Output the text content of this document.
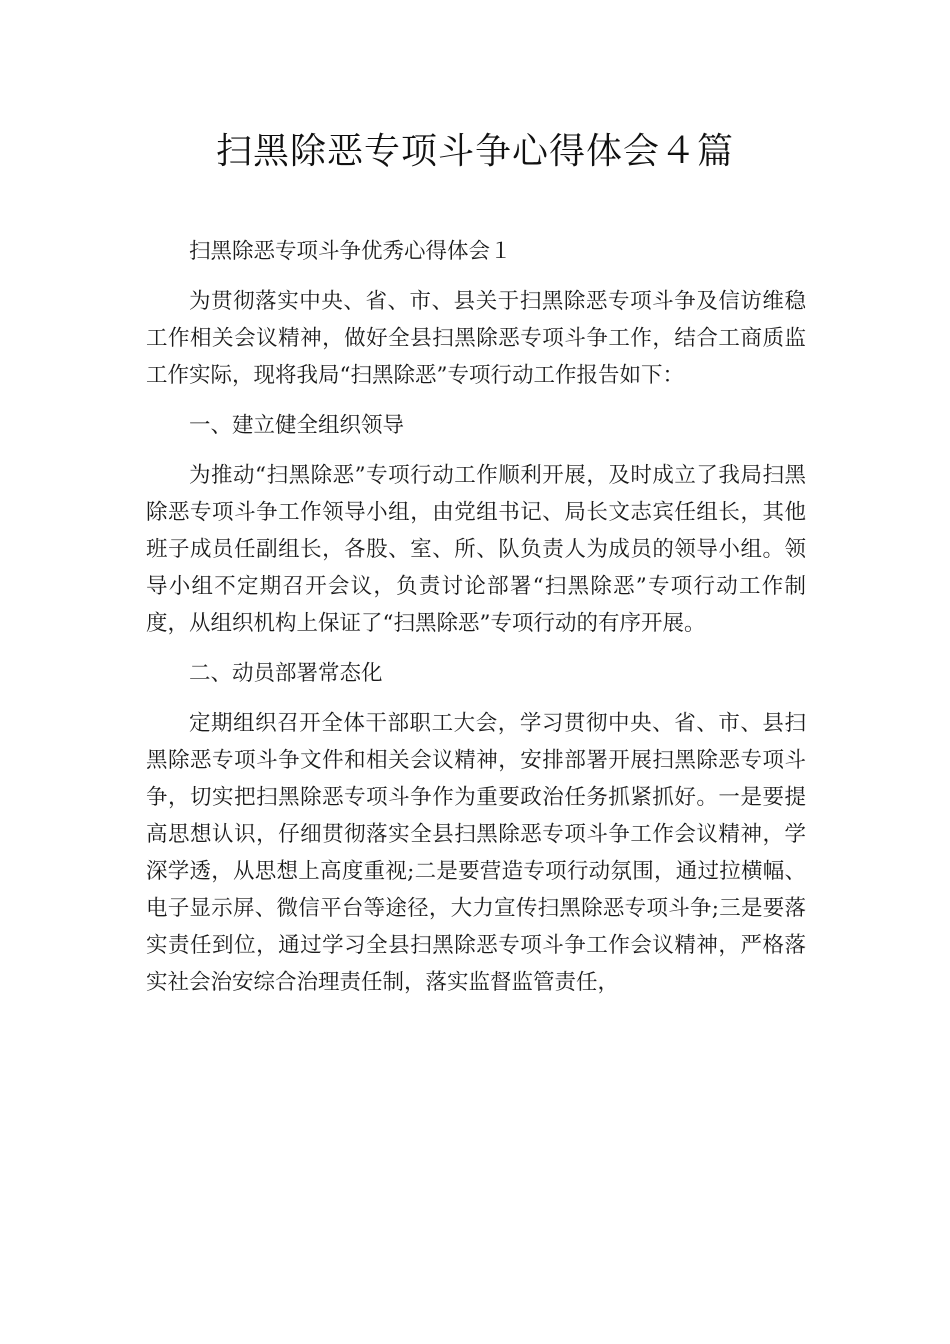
扫黑除恶专项斗争心得体会４篇

扫黑除恶专项斗争优秀心得体会１

为贯彻落实中央、省、市、县关于扫黑除恶专项斗争及信访维稳工作相关会议精神，做好全县扫黑除恶专项斗争工作，结合工商质监工作实际，现将我局“扫黑除恶”专项行动工作报告如下：

一、建立健全组织领导

为推动“扫黑除恶”专项行动工作顺利开展，及时成立了我局扫黑除恶专项斗争工作领导小组，由党组书记、局长文志宾任组长，其他班子成员任副组长，各股、室、所、队负责人为成员的领导小组。领导小组不定期召开会议，负责讨论部署“扫黑除恶”专项行动工作制度，从组织机构上保证了“扫黑除恶”专项行动的有序开展。

二、动员部署常态化

定期组织召开全体干部职工大会，学习贯彻中央、省、市、县扫黑除恶专项斗争文件和相关会议精神，安排部署开展扫黑除恶专项斗争，切实把扫黑除恶专项斗争作为重要政治任务抓紧抓好。一是要提高思想认识，仔细贯彻落实全县扫黑除恶专项斗争工作会议精神，学深学透，从思想上高度重视;二是要营造专项行动氛围，通过拉横幅、电子显示屏、微信平台等途径，大力宣传扫黑除恶专项斗争;三是要落实责任到位，通过学习全县扫黑除恶专项斗争工作会议精神，严格落实社会治安综合治理责任制，落实监督监管责任，
